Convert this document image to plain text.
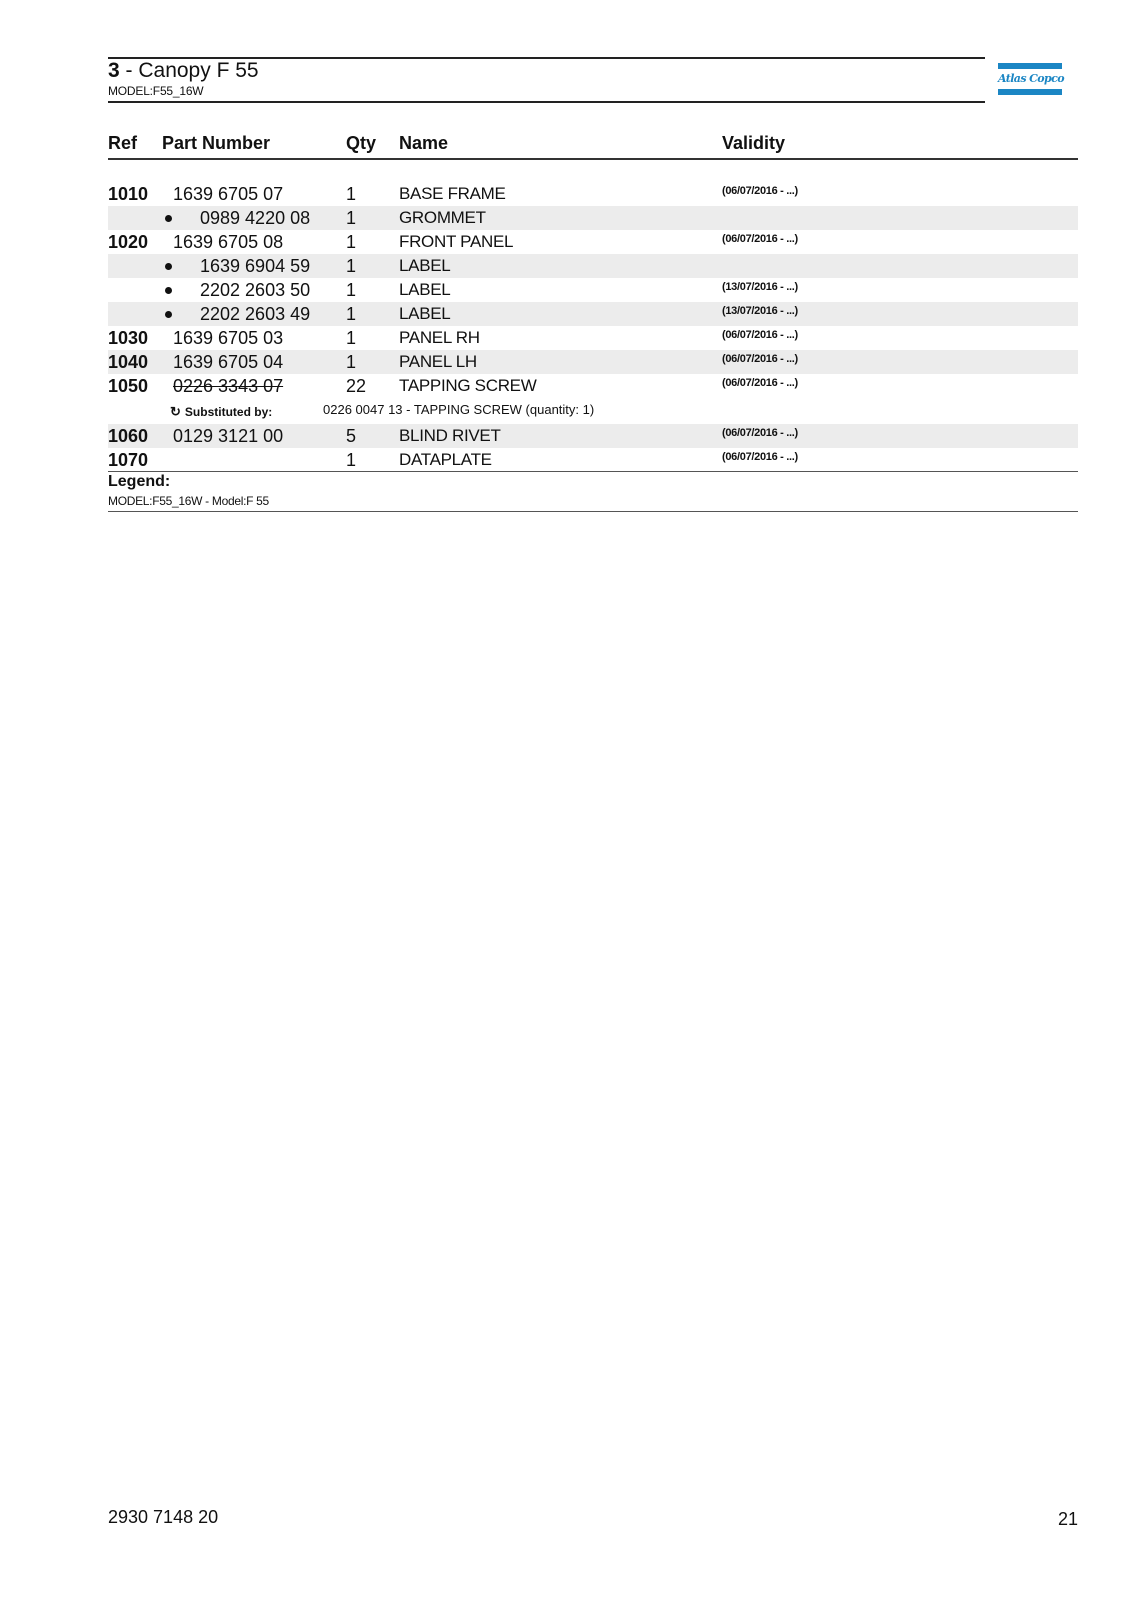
3 - Canopy F 55
MODEL:F55_16W
Atlas Copco
Ref Part Number	Qty Name	Validity
1010 1639 6705 07	1	BASE FRAME	(06/07/2016 - ...)
0989 4220 08 1	GROMMET
1020 1639 6705 08	1	FRONT PANEL	(06/07/2016 - ...)
1639 6904 59 1	LABEL
2202 2603 50 1	LABEL	(13/07/2016 - ...)
2202 2603 49 1	LABEL	(13/07/2016 - ...)
1030 1639 6705 03	1	PANEL RH	(06/07/2016 - ...)
1040 1639 6705 04	1	PANEL LH	(06/07/2016 - ...)
1050 0226 3343 07	22 TAPPING SCREW	(06/07/2016 - ...)
↻ Substituted by:	0226 0047 13 - TAPPING SCREW (quantity: 1)
1060 0129 3121 00	5	BLIND RIVET	(06/07/2016 - ...)
1070	1	DATAPLATE	(06/07/2016 - ...)
Legend:
MODEL:F55_16W - Model:F 55
2930 7148 20	21
